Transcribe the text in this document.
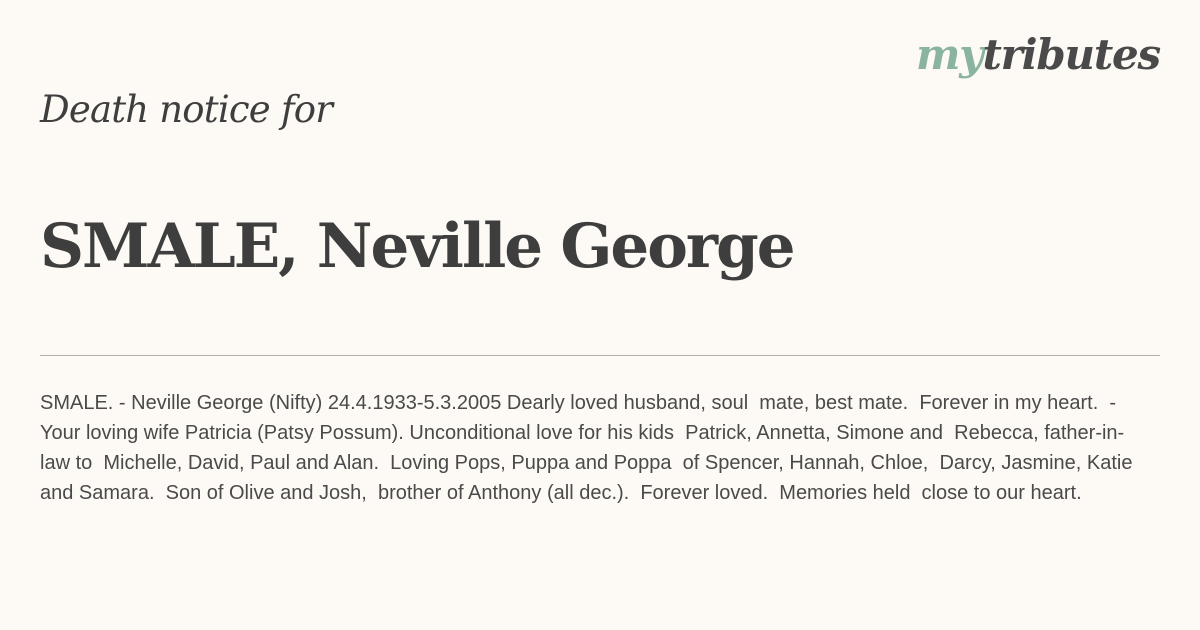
mytributes
Death notice for
SMALE, Neville George

SMALE. - Neville George (Nifty) 24.4.1933-5.3.2005 Dearly loved husband, soul  mate, best mate.  Forever in my heart.  - Your loving wife Patricia (Patsy Possum). Unconditional love for his kids  Patrick, Annetta, Simone and  Rebecca, father-in-law to  Michelle, David, Paul and Alan.  Loving Pops, Puppa and Poppa  of Spencer, Hannah, Chloe,  Darcy, Jasmine, Katie and Samara.  Son of Olive and Josh,  brother of Anthony (all dec.).  Forever loved.  Memories held  close to our heart.
